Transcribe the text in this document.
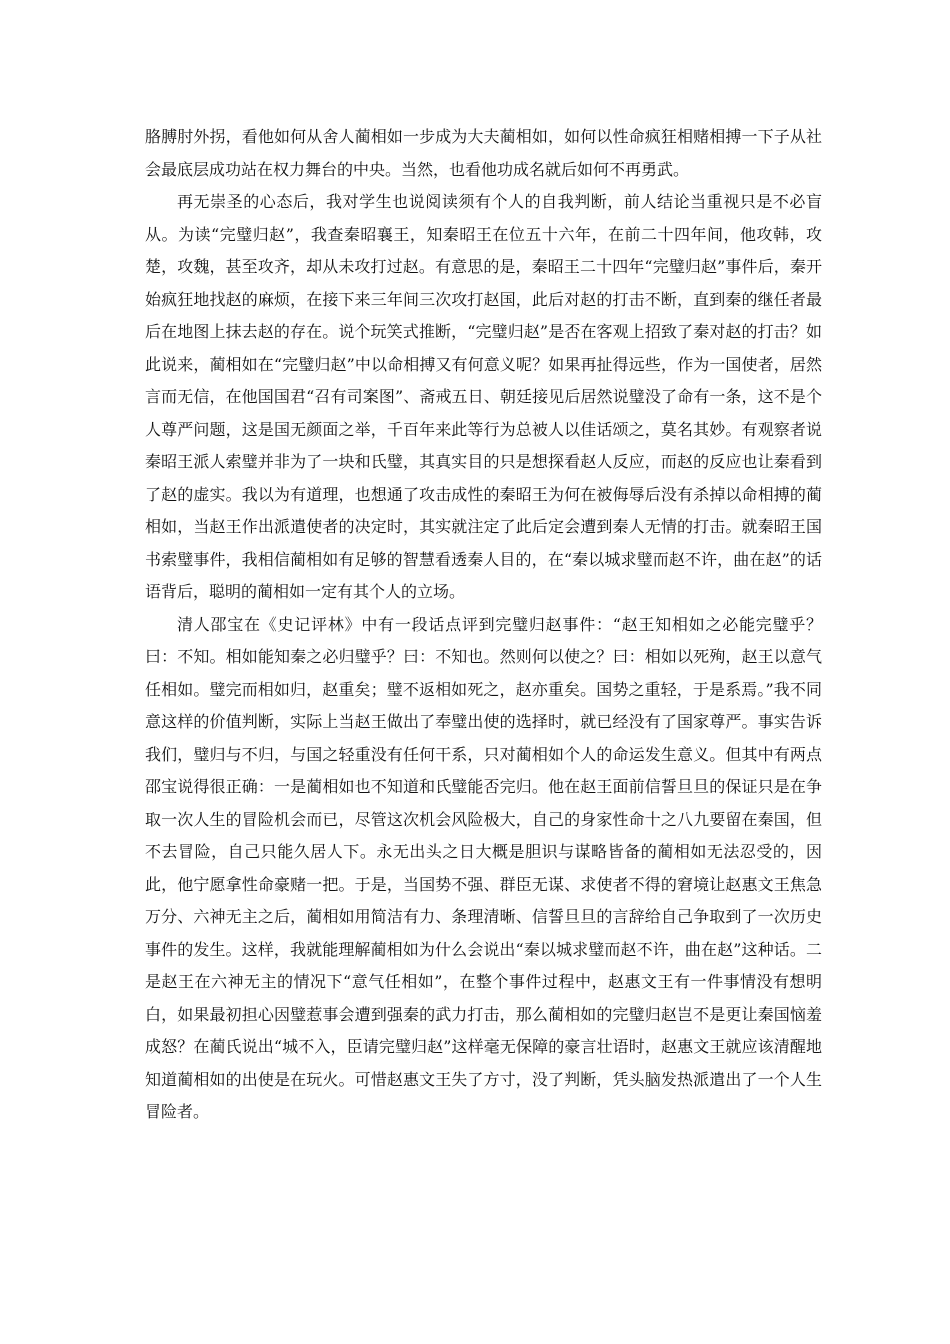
胳膊肘外拐，看他如何从舍人蔺相如一步成为大夫蔺相如，如何以性命疯狂相赌相搏一下子从社会最底层成功站在权力舞台的中央。当然，也看他功成名就后如何不再勇武。

再无崇圣的心态后，我对学生也说阅读须有个人的自我判断，前人结论当重视只是不必盲从。为读“完璧归赵”，我查秦昭襄王，知秦昭王在位五十六年，在前二十四年间，他攻韩，攻楚，攻魏，甚至攻齐，却从未攻打过赵。有意思的是，秦昭王二十四年“完璧归赵”事件后，秦开始疯狂地找赵的麻烦，在接下来三年间三次攻打赵国，此后对赵的打击不断，直到秦的继任者最后在地图上抹去赵的存在。说个玩笑式推断，“完璧归赵”是否在客观上招致了秦对赵的打击？如此说来，蔺相如在“完璧归赵”中以命相搏又有何意义呢？如果再扯得远些，作为一国使者，居然言而无信，在他国国君“召有司案图”、斋戒五日、朝廷接见后居然说璧没了命有一条，这不是个人尊严问题，这是国无颜面之举，千百年来此等行为总被人以佳话颂之，莫名其妙。有观察者说秦昭王派人索璧并非为了一块和氏璧，其真实目的只是想探看赵人反应，而赵的反应也让秦看到了赵的虚实。我以为有道理，也想通了攻击成性的秦昭王为何在被侮辱后没有杀掉以命相搏的蔺相如，当赵王作出派遣使者的决定时，其实就注定了此后定会遭到秦人无情的打击。就秦昭王国书索璧事件，我相信蔺相如有足够的智慧看透秦人目的，在“秦以城求璧而赵不许，曲在赵”的话语背后，聪明的蔺相如一定有其个人的立场。

清人邵宝在《史记评林》中有一段话点评到完璧归赵事件：“赵王知相如之必能完璧乎？曰：不知。相如能知秦之必归璧乎？曰：不知也。然则何以使之？曰：相如以死殉，赵王以意气任相如。璧完而相如归，赵重矣；璧不返相如死之，赵亦重矣。国势之重轻，于是系焉。”我不同意这样的价值判断，实际上当赵王做出了奉璧出使的选择时，就已经没有了国家尊严。事实告诉我们，璧归与不归，与国之轻重没有任何干系，只对蔺相如个人的命运发生意义。但其中有两点邵宝说得很正确：一是蔺相如也不知道和氏璧能否完归。他在赵王面前信誓旦旦的保证只是在争取一次人生的冒险机会而已，尽管这次机会风险极大，自己的身家性命十之八九要留在秦国，但不去冒险，自己只能久居人下。永无出头之日大概是胆识与谋略皆备的蔺相如无法忍受的，因此，他宁愿拿性命豪赌一把。于是，当国势不强、群臣无谋、求使者不得的窘境让赵惠文王焦急万分、六神无主之后，蔺相如用简洁有力、条理清晰、信誓旦旦的言辞给自己争取到了一次历史事件的发生。这样，我就能理解蔺相如为什么会说出“秦以城求璧而赵不许，曲在赵”这种话。二是赵王在六神无主的情况下“意气任相如”，在整个事件过程中，赵惠文王有一件事情没有想明白，如果最初担心因璧惹事会遭到强秦的武力打击，那么蔺相如的完璧归赵岂不是更让秦国恼羞成怒？在蔺氏说出“城不入，臣请完璧归赵”这样毫无保障的豪言壮语时，赵惠文王就应该清醒地知道蔺相如的出使是在玩火。可惜赵惠文王失了方寸，没了判断，凭头脑发热派遣出了一个人生冒险者。
